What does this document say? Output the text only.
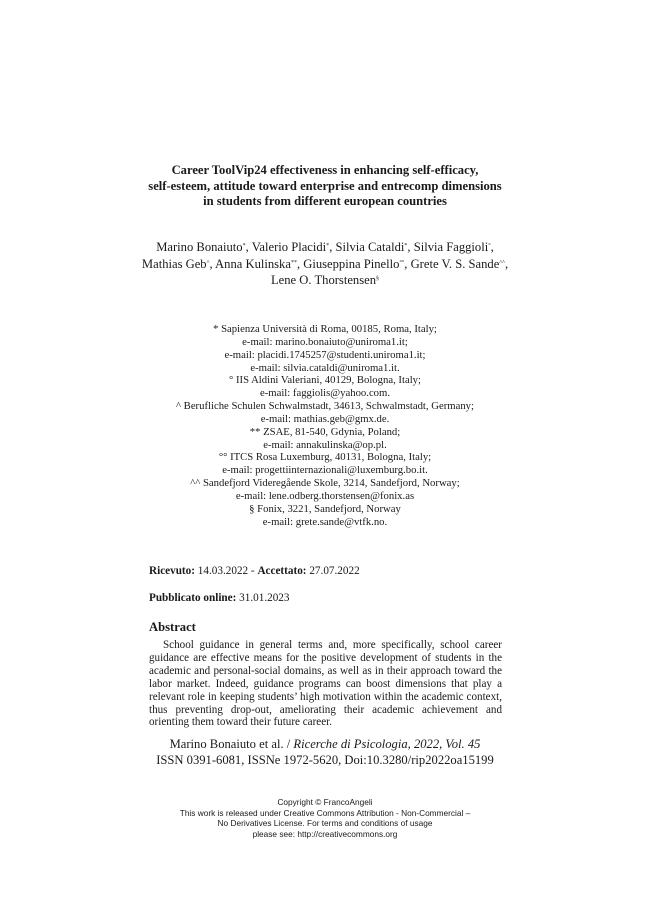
Career ToolVip24 effectiveness in enhancing self-efficacy,
self-esteem, attitude toward enterprise and entrecomp dimensions
in students from different european countries
Marino Bonaiuto*, Valerio Placidi*, Silvia Cataldi*, Silvia Faggioli°,
Mathias Geb^, Anna Kulinska**, Giuseppina Pinello°°, Grete V. S. Sande^^,
Lene O. Thorstensen§
* Sapienza Università di Roma, 00185, Roma, Italy;
e-mail: marino.bonaiuto@uniroma1.it;
e-mail: placidi.1745257@studenti.uniroma1.it;
e-mail: silvia.cataldi@uniroma1.it.
° IIS Aldini Valeriani, 40129, Bologna, Italy;
e-mail: faggiolis@yahoo.com.
^ Berufliche Schulen Schwalmstadt, 34613, Schwalmstadt, Germany;
e-mail: mathias.geb@gmx.de.
** ZSAE, 81-540, Gdynia, Poland;
e-mail: annakulinska@op.pl.
°° ITCS Rosa Luxemburg, 40131, Bologna, Italy;
e-mail: progettiinternazionali@luxemburg.bo.it.
^^ Sandefjord Videregående Skole, 3214, Sandefjord, Norway;
e-mail: lene.odberg.thorstensen@fonix.as
§ Fonix, 3221, Sandefjord, Norway
e-mail: grete.sande@vtfk.no.
Ricevuto: 14.03.2022 - Accettato: 27.07.2022
Pubblicato online: 31.01.2023
Abstract
School guidance in general terms and, more specifically, school career guidance are effective means for the positive development of students in the academic and personal-social domains, as well as in their approach toward the labor market. Indeed, guidance programs can boost dimensions that play a relevant role in keeping students’ high motivation within the academic context, thus preventing drop-out, ameliorating their academic achievement and orienting them toward their future career.
Marino Bonaiuto et al. / Ricerche di Psicologia, 2022, Vol. 45
ISSN 0391-6081, ISSNe 1972-5620, Doi:10.3280/rip2022oa15199
Copyright © FrancoAngeli
This work is released under Creative Commons Attribution - Non-Commercial –
No Derivatives License. For terms and conditions of usage
please see: http://creativecommons.org
